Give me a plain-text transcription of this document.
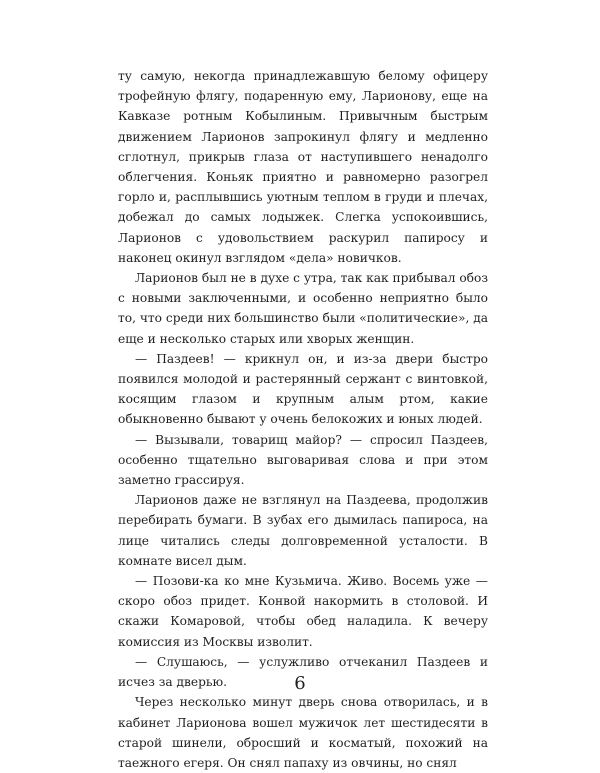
ту самую, некогда принадлежавшую белому офицеру трофейную флягу, подаренную ему, Ларионову, еще на Кавказе ротным Кобылиным. Привычным быстрым движением Ларионов запрокинул флягу и медленно сглотнул, прикрыв глаза от наступившего ненадолго облегчения. Коньяк приятно и равномерно разогрел горло и, расплывшись уютным теплом в груди и плечах, добежал до самых лодыжек. Слегка успокоившись, Ларионов с удовольствием раскурил папиросу и наконец окинул взглядом «дела» новичков.

Ларионов был не в духе с утра, так как прибывал обоз с новыми заключенными, и особенно неприятно было то, что среди них большинство были «политические», да еще и несколько старых или хворых женщин.

— Паздеев! — крикнул он, и из-за двери быстро появился молодой и растерянный сержант с винтовкой, косящим глазом и крупным алым ртом, какие обыкновенно бывают у очень белокожих и юных людей.

— Вызывали, товарищ майор? — спросил Паздеев, особенно тщательно выговаривая слова и при этом заметно грассируя.

Ларионов даже не взглянул на Паздеева, продолжив перебирать бумаги. В зубах его дымилась папироса, на лице читались следы долговременной усталости. В комнате висел дым.

— Позови-ка ко мне Кузьмича. Живо. Восемь уже — скоро обоз придет. Конвой накормить в столовой. И скажи Комаровой, чтобы обед наладила. К вечеру комиссия из Москвы изволит.

— Слушаюсь, — услужливо отчеканил Паздеев и исчез за дверью.

Через несколько минут дверь снова отворилась, и в кабинет Ларионова вошел мужичок лет шестидесяти в старой шинели, обросший и косматый, похожий на таежного егеря. Он снял папаху из овчины, но снял

6
